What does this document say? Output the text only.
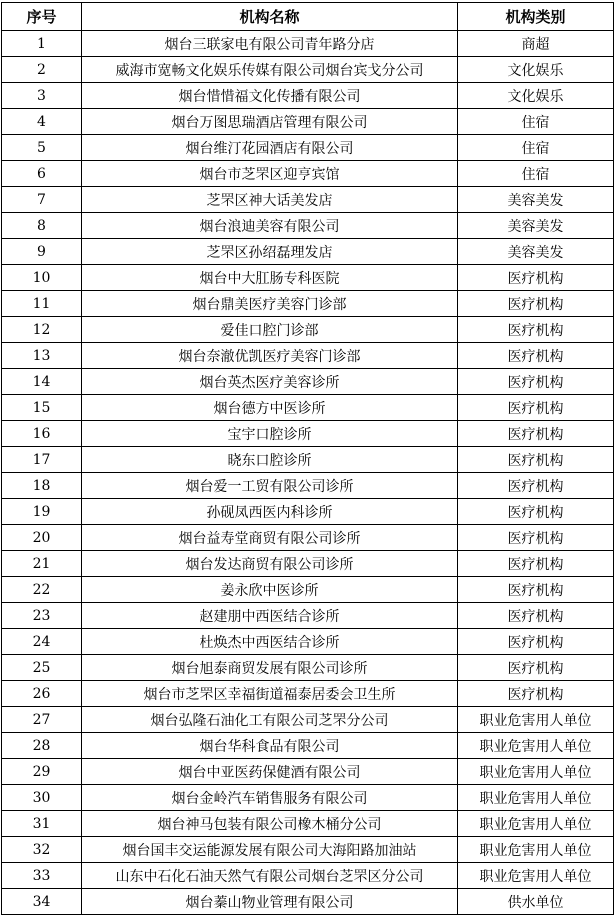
序号	机构名称	机构类别
1	烟台三联家电有限公司青年路分店	商超
2	威海市宽畅文化娱乐传媒有限公司烟台宾戈分公司	文化娱乐
3	烟台惜惜福文化传播有限公司	文化娱乐
4	烟台万图思瑞酒店管理有限公司	住宿
5	烟台维汀花园酒店有限公司	住宿
6	烟台市芝罘区迎亨宾馆	住宿
7	芝罘区神大话美发店	美容美发
8	烟台浪迪美容有限公司	美容美发
9	芝罘区孙绍磊理发店	美容美发
10	烟台中大肛肠专科医院	医疗机构
11	烟台鼎美医疗美容门诊部	医疗机构
12	爱佳口腔门诊部	医疗机构
13	烟台奈澈优凯医疗美容门诊部	医疗机构
14	烟台英杰医疗美容诊所	医疗机构
15	烟台德方中医诊所	医疗机构
16	宝宇口腔诊所	医疗机构
17	晓东口腔诊所	医疗机构
18	烟台爱一工贸有限公司诊所	医疗机构
19	孙砚凤西医内科诊所	医疗机构
20	烟台益寿堂商贸有限公司诊所	医疗机构
21	烟台发达商贸有限公司诊所	医疗机构
22	姜永欣中医诊所	医疗机构
23	赵建朋中西医结合诊所	医疗机构
24	杜焕杰中西医结合诊所	医疗机构
25	烟台旭泰商贸发展有限公司诊所	医疗机构
26	烟台市芝罘区幸福街道福泰居委会卫生所	医疗机构
27	烟台弘隆石油化工有限公司芝罘分公司	职业危害用人单位
28	烟台华科食品有限公司	职业危害用人单位
29	烟台中亚医药保健酒有限公司	职业危害用人单位
30	烟台金岭汽车销售服务有限公司	职业危害用人单位
31	烟台神马包装有限公司橡木桶分公司	职业危害用人单位
32	烟台国丰交运能源发展有限公司大海阳路加油站	职业危害用人单位
33	山东中石化石油天然气有限公司烟台芝罘区分公司	职业危害用人单位
34	烟台蓁山物业管理有限公司	供水单位
